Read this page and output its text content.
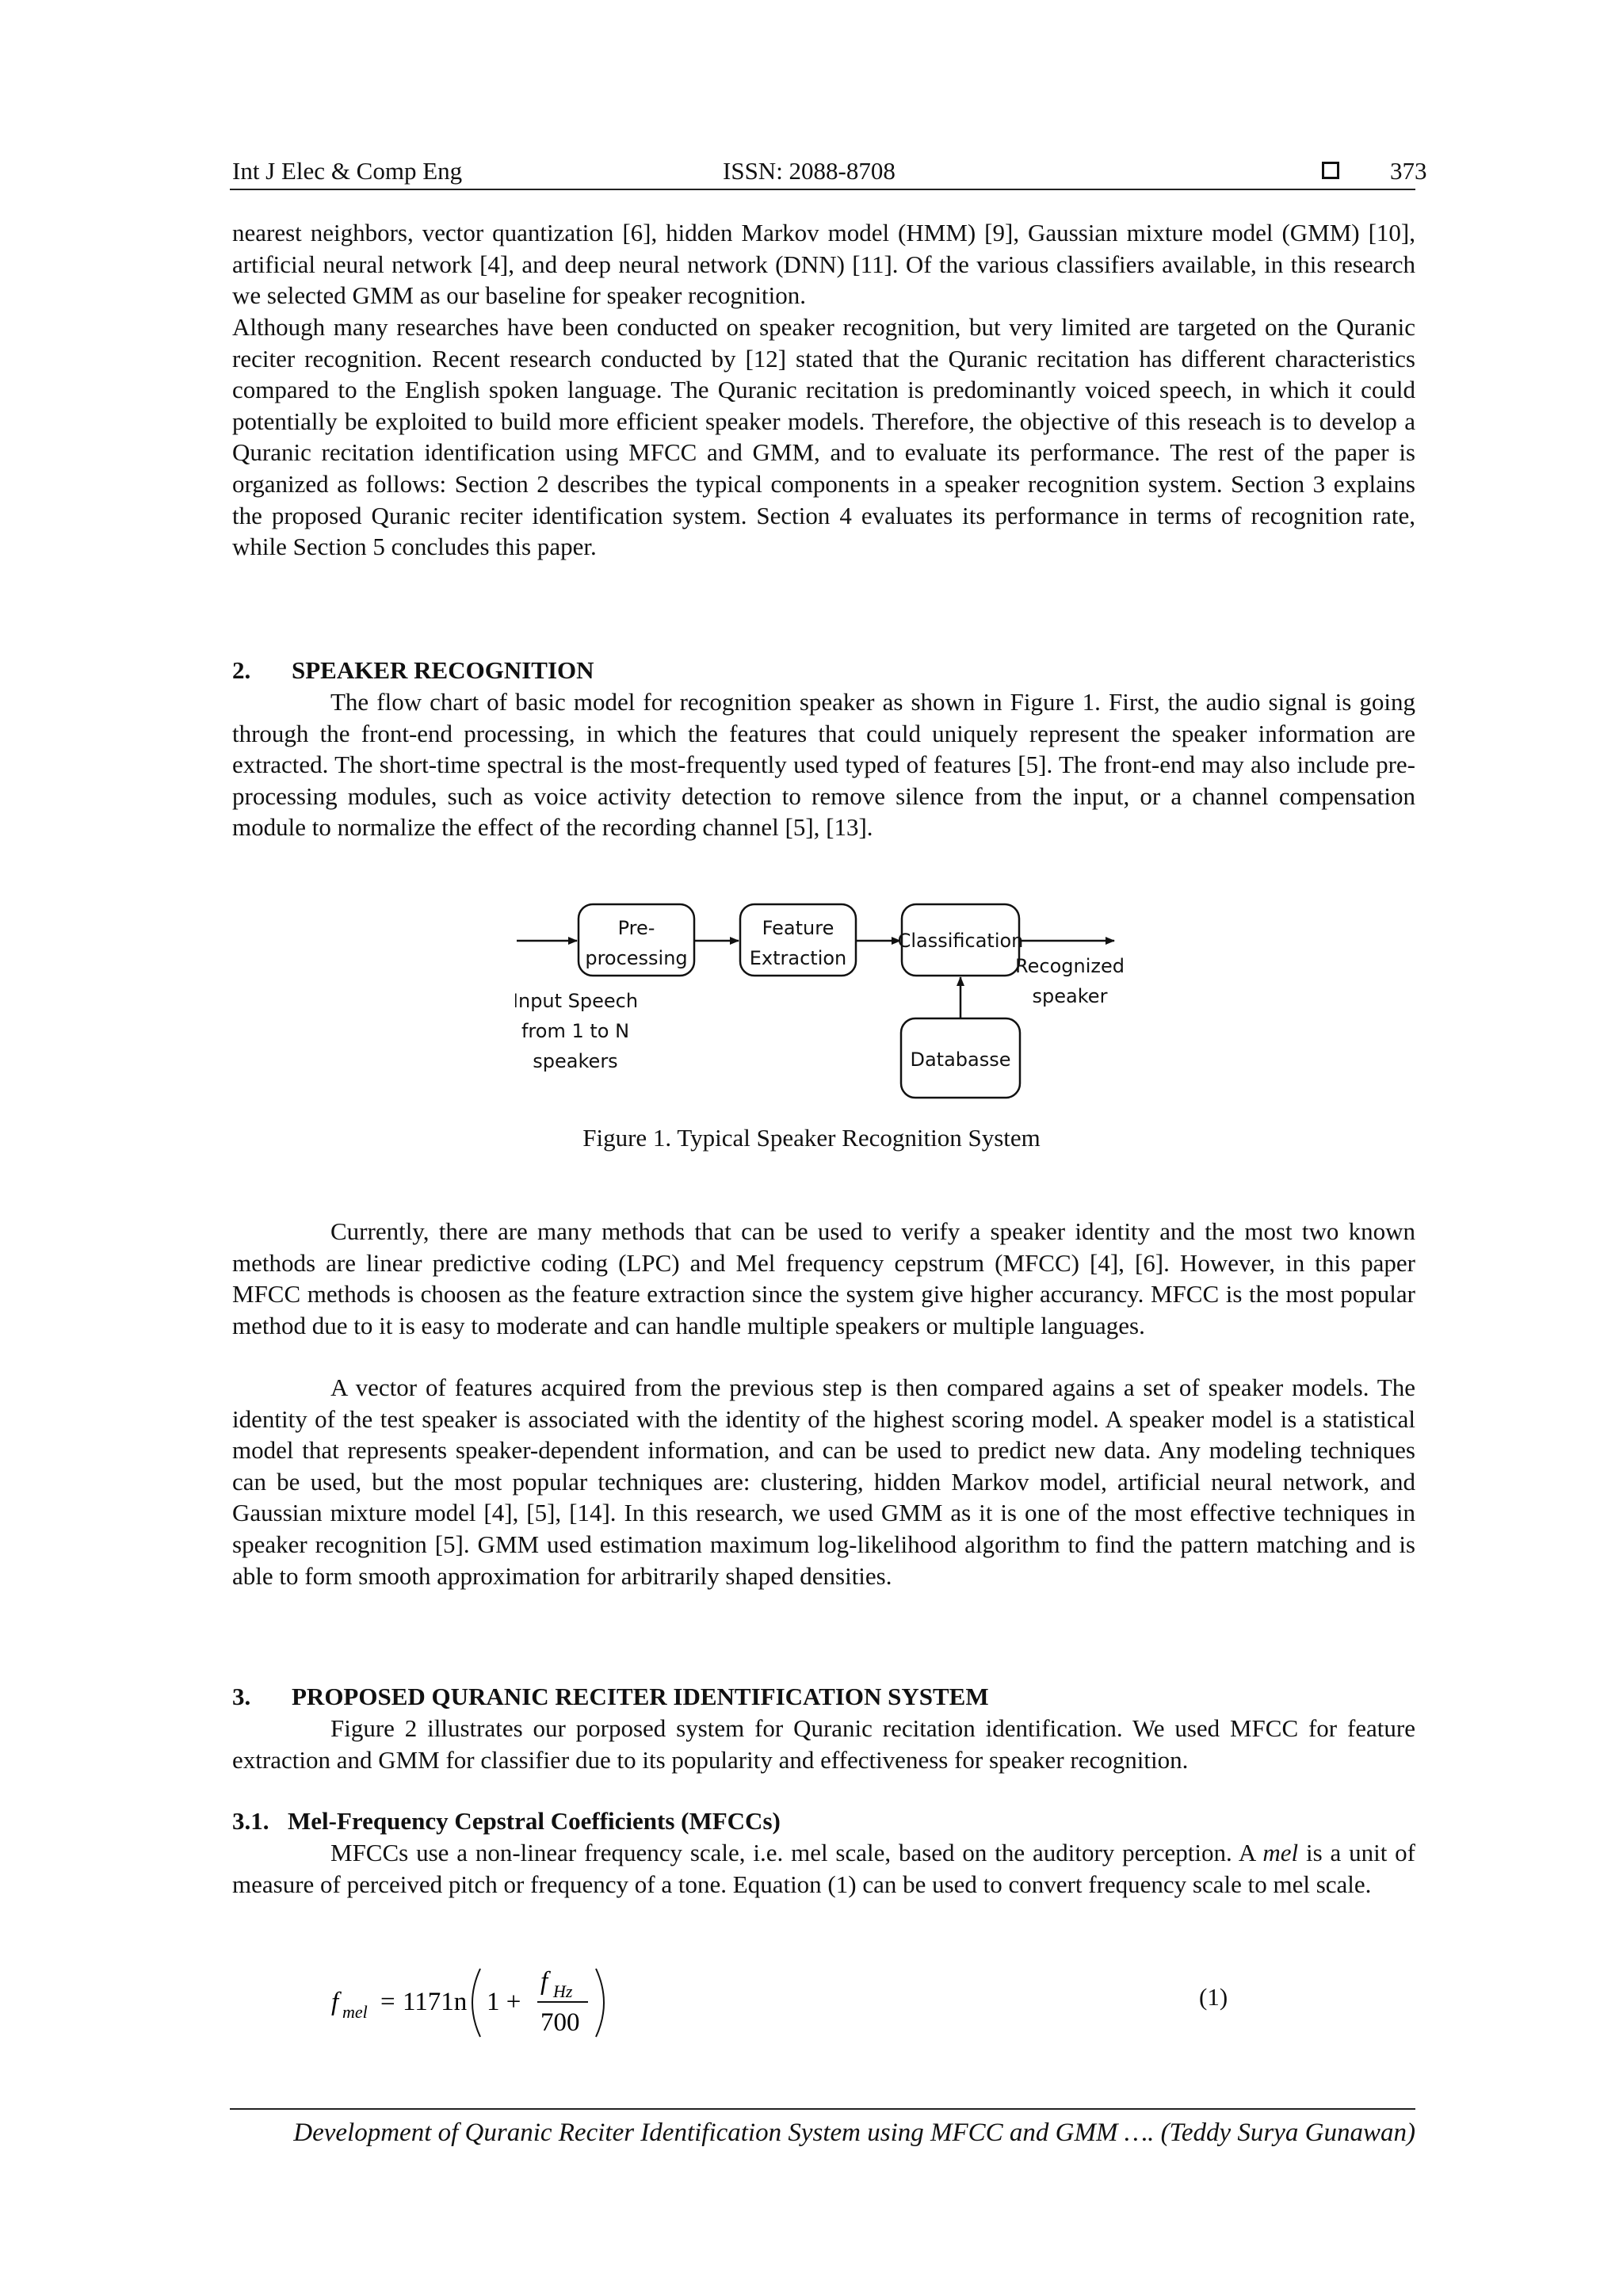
Int J Elec & Comp Eng	ISSN: 2088-8708	373

nearest neighbors, vector quantization [6], hidden Markov model (HMM) [9], Gaussian mixture model (GMM) [10], artificial neural network [4], and deep neural network (DNN) [11]. Of the various classifiers available, in this research we selected GMM as our baseline for speaker recognition.

Although many researches have been conducted on speaker recognition, but very limited are targeted on the Quranic reciter recognition. Recent research conducted by [12] stated that the Quranic recitation has different characteristics compared to the English spoken language. The Quranic recitation is predominantly voiced speech, in which it could potentially be exploited to build more efficient speaker models. Therefore, the objective of this reseach is to develop a Quranic recitation identification using MFCC and GMM, and to evaluate its performance. The rest of the paper is organized as follows: Section 2 describes the typical components in a speaker recognition system. Section 3 explains the proposed Quranic reciter identification system. Section 4 evaluates its performance in terms of recognition rate, while Section 5 concludes this paper.

2. SPEAKER RECOGNITION

The flow chart of basic model for recognition speaker as shown in Figure 1. First, the audio signal is going through the front-end processing, in which the features that could uniquely represent the speaker information are extracted. The short-time spectral is the most-frequently used typed of features [5]. The front-end may also include pre-processing modules, such as voice activity detection to remove silence from the input, or a channel compensation module to normalize the effect of the recording channel [5], [13].

Pre-
processing
Feature
Extraction
Classification
Databasse
Input Speech
from 1 to N
speakers
Recognized
speaker
Figure 1. Typical Speaker Recognition System

Currently, there are many methods that can be used to verify a speaker identity and the most two known methods are linear predictive coding (LPC) and Mel frequency cepstrum (MFCC) [4], [6]. However, in this paper MFCC methods is choosen as the feature extraction since the system give higher accurancy. MFCC is the most popular method due to it is easy to moderate and can handle multiple speakers or multiple languages.

A vector of features acquired from the previous step is then compared agains a set of speaker models. The identity of the test speaker is associated with the identity of the highest scoring model. A speaker model is a statistical model that represents speaker-dependent information, and can be used to predict new data. Any modeling techniques can be used, but the most popular techniques are: clustering, hidden Markov model, artificial neural network, and Gaussian mixture model [4], [5], [14]. In this research, we used GMM as it is one of the most effective techniques in speaker recognition [5]. GMM used estimation maximum log-likelihood algorithm to find the pattern matching and is able to form smooth approximation for arbitrarily shaped densities.

3. PROPOSED QURANIC RECITER IDENTIFICATION SYSTEM

Figure 2 illustrates our porposed system for Quranic recitation identification. We used MFCC for feature extraction and GMM for classifier due to its popularity and effectiveness for speaker recognition.

3.1. Mel-Frequency Cepstral Coefficients (MFCCs)

MFCCs use a non-linear frequency scale, i.e. mel scale, based on the auditory perception. A mel is a unit of measure of perceived pitch or frequency of a tone. Equation (1) can be used to convert frequency scale to mel scale.

f mel = 1171n 1 +
f Hz
700
(1)
Development of Quranic Reciter Identification System using MFCC and GMM …. (Teddy Surya Gunawan)
